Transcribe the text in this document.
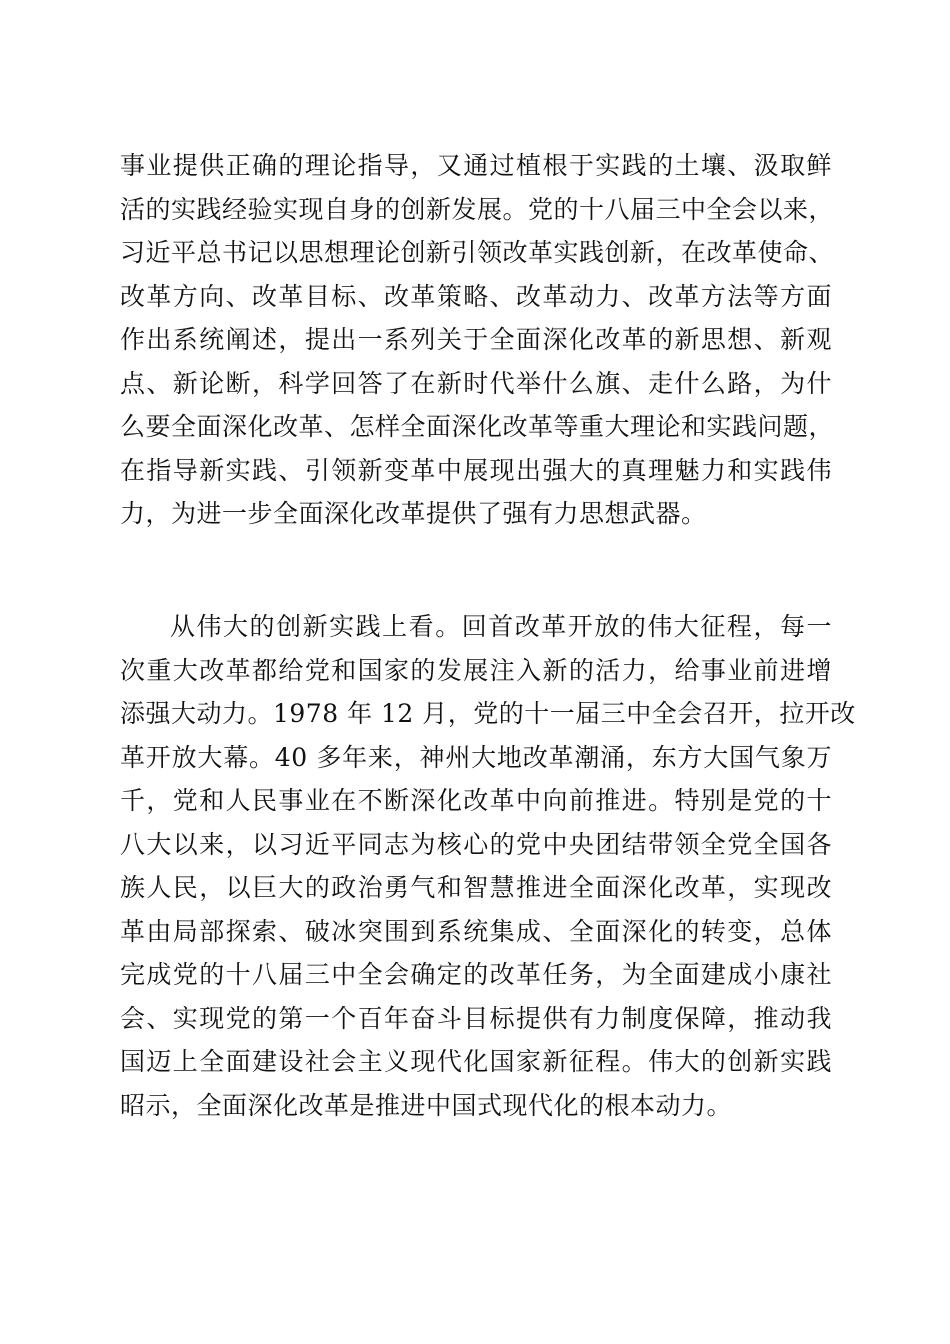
事业提供正确的理论指导，又通过植根于实践的土壤、汲取鲜
活的实践经验实现自身的创新发展。党的十八届三中全会以来，
习近平总书记以思想理论创新引领改革实践创新，在改革使命、
改革方向、改革目标、改革策略、改革动力、改革方法等方面
作出系统阐述，提出一系列关于全面深化改革的新思想、新观
点、新论断，科学回答了在新时代举什么旗、走什么路，为什
么要全面深化改革、怎样全面深化改革等重大理论和实践问题，
在指导新实践、引领新变革中展现出强大的真理魅力和实践伟
力，为进一步全面深化改革提供了强有力思想武器。
从伟大的创新实践上看。回首改革开放的伟大征程，每一
次重大改革都给党和国家的发展注入新的活力，给事业前进增
添强大动力。1978 年 12 月，党的十一届三中全会召开，拉开改
革开放大幕。40 多年来，神州大地改革潮涌，东方大国气象万
千，党和人民事业在不断深化改革中向前推进。特别是党的十
八大以来，以习近平同志为核心的党中央团结带领全党全国各
族人民，以巨大的政治勇气和智慧推进全面深化改革，实现改
革由局部探索、破冰突围到系统集成、全面深化的转变，总体
完成党的十八届三中全会确定的改革任务，为全面建成小康社
会、实现党的第一个百年奋斗目标提供有力制度保障，推动我
国迈上全面建设社会主义现代化国家新征程。伟大的创新实践
昭示，全面深化改革是推进中国式现代化的根本动力。
